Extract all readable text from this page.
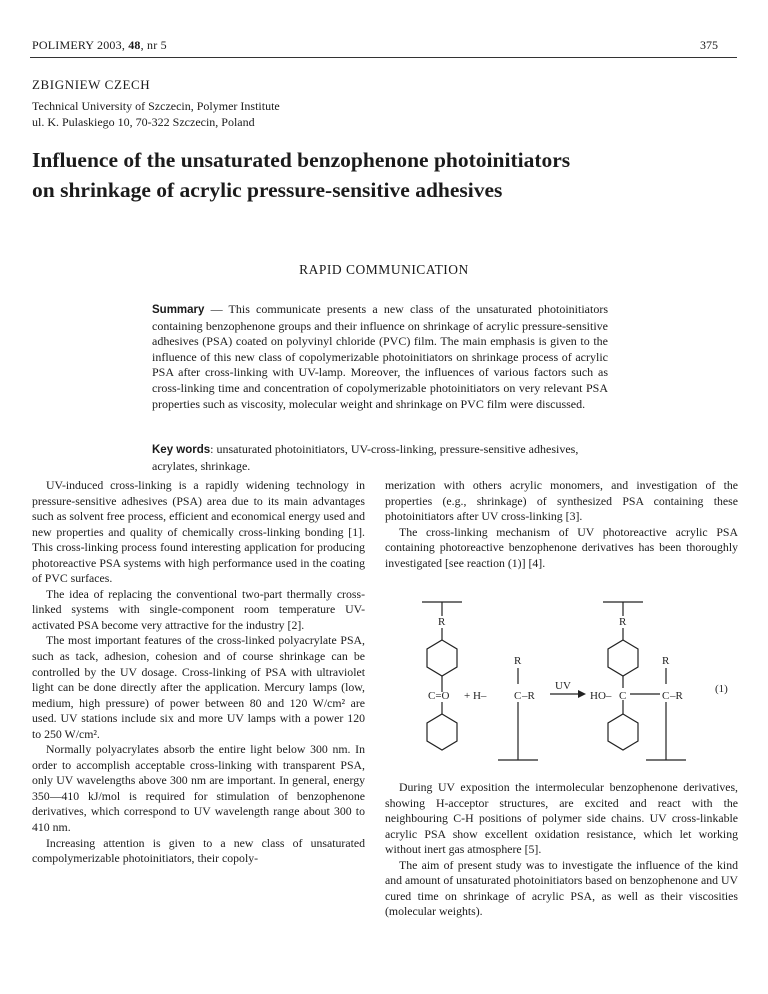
POLIMERY 2003, 48, nr 5	375
ZBIGNIEW CZECH
Technical University of Szczecin, Polymer Institute
ul. K. Pulaskiego 10, 70-322 Szczecin, Poland
Influence of the unsaturated benzophenone photoinitiators
on shrinkage of acrylic pressure-sensitive adhesives
RAPID COMMUNICATION
Summary — This communicate presents a new class of the unsaturated photoinitiators containing benzophenone groups and their influence on shrinkage of acrylic pressure-sensitive adhesives (PSA) coated on polyvinyl chloride (PVC) film. The main emphasis is given to the influence of this new class of copolymerizable photoinitiators on shrinkage process of acrylic PSA after cross-linking with UV-lamp. Moreover, the influences of various factors such as cross-linking time and concentration of copolymerizable photoinitiators on very relevant PSA properties such as viscosity, molecular weight and shrinkage on PVC film were discussed.
Key words: unsaturated photoinitiators, UV-cross-linking, pressure-sensitive adhesives, acrylates, shrinkage.

UV-induced cross-linking is a rapidly widening technology in pressure-sensitive adhesives (PSA) area due to its main advantages such as solvent free process, efficient and economical energy used and new properties and quality of chemically cross-linking bonding [1]. This cross-linking process found interesting application for producing photoreactive PSA systems with high performance used in the coating of PVC surfaces.

The idea of replacing the conventional two-part thermally cross-linked systems with single-component room temperature UV-activated PSA become very attractive for the industry [2].

The most important features of the cross-linked polyacrylate PSA, such as tack, adhesion, cohesion and of course shrinkage can be controlled by the UV dosage. Cross-linking of PSA with ultraviolet light can be done directly after the application. Mercury lamps (low, medium, high pressure) of power between 80 and 120 W/cm² are used. UV stations include six and more UV lamps with a power 120 to 250 W/cm².

Normally polyacrylates absorb the entire light below 300 nm. In order to accomplish acceptable cross-linking with transparent PSA, only UV wavelengths above 300 nm are important. In general, energy 350—410 kJ/mol is required for stimulation of benzophenone derivatives, which correspond to UV wavelength range about 300 to 410 nm.

Increasing attention is given to a new class of unsaturated compolymerizable photoinitiators, their copoly-

merization with others acrylic monomers, and investigation of the properties (e.g., shrinkage) of synthesized PSA containing these photoinitiators after UV cross-linking [3].

The cross-linking mechanism of UV photoreactive acrylic PSA containing photoreactive benzophenone derivatives has been thoroughly investigated [see reaction (1)] [4].

R
C=O + H–
R
C –R
UV
R
HO– C
R
C –R
(1)

During UV exposition the intermolecular benzophenone derivatives, showing H-acceptor structures, are excited and react with the neighbouring C-H positions of polymer side chains. UV cross-linkable acrylic PSA show excellent oxidation resistance, which let working without inert gas atmosphere [5].

The aim of present study was to investigate the influence of the kind and amount of unsaturated photoinitiators based on benzophenone and UV cured time on shrinkage of acrylic PSA, as well as their viscosities (molecular weights).
